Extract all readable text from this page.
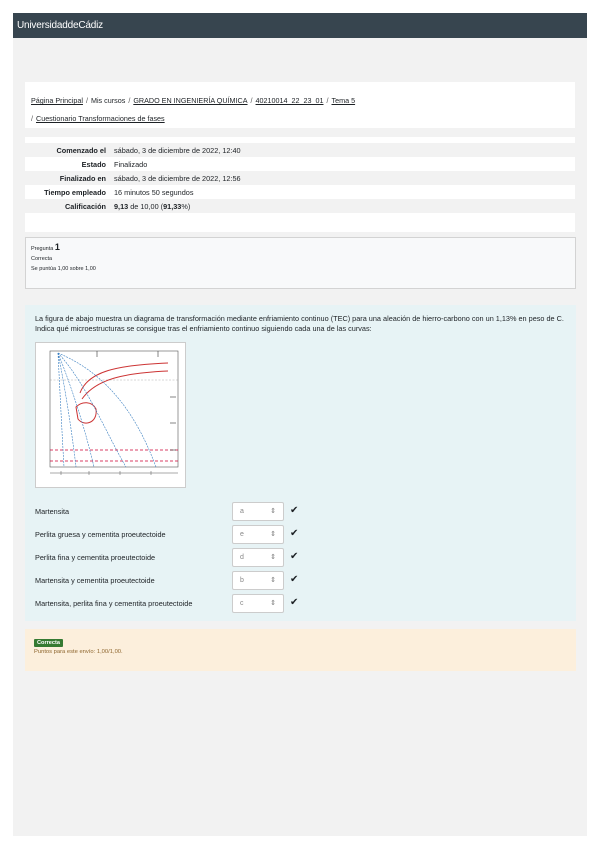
UniversidaddeCádiz
Página Principal / Mis cursos / GRADO EN INGENIERÍA QUÍMICA / 40210014_22_23_01 / Tema 5
/ Cuestionario Transformaciones de fases
Comenzado el	sábado, 3 de diciembre de 2022, 12:40
Estado	Finalizado
Finalizado en	sábado, 3 de diciembre de 2022, 12:56
Tiempo empleado	16 minutos 50 segundos
Calificación	9,13 de 10,00 (91,33%)
Pregunta 1
Correcta
Se puntúa 1,00 sobre 1,00
La figura de abajo muestra un diagrama de transformación mediante enfriamiento continuo (TEC) para una aleación de hierro-carbono con un 1,13% en peso de C. Indica qué microestructuras se consigue tras el enfriamiento continuo siguiendo cada una de las curvas:
Martensita	a	⇕ ✔
Perlita gruesa y cementita proeutectoide	e	⇕ ✔
Perlita fina y cementita proeutectoide	d	⇕ ✔
Martensita y cementita proeutectoide	b	⇕ ✔
Martensita, perlita fina y cementita proeutectoide	c	⇕ ✔
Correcta
Puntos para este envío: 1,00/1,00.
